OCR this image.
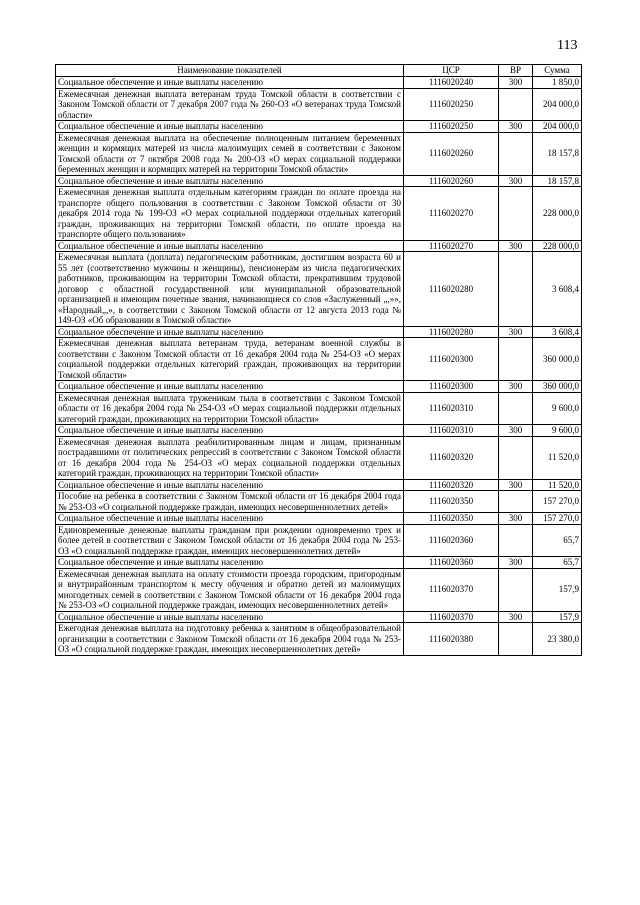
113
Наименование показателей	ЦСР	ВР	Сумма
Социальное обеспечение и иные выплаты населению	1116020240	300	1 850,0
Ежемесячная денежная выплата ветеранам труда Томской области в соответствии с Законом Томской области от 7 декабря 2007 года № 260-ОЗ «О ветеранах труда Томской области»	1116020250		204 000,0
Социальное обеспечение и иные выплаты населению	1116020250	300	204 000,0
Ежемесячная денежная выплата на обеспечение полноценным питанием беременных женщин и кормящих матерей из числа малоимущих семей в соответствии с Законом Томской области от 7 октября 2008 года № 200-ОЗ «О мерах социальной поддержки беременных женщин и кормящих матерей на территории Томской области»	1116020260		18 157,8
Социальное обеспечение и иные выплаты населению	1116020260	300	18 157,8
Ежемесячная денежная выплата отдельным категориям граждан по оплате проезда на транспорте общего пользования в соответствии с Законом Томской области от 30 декабря 2014 года № 199-ОЗ «О мерах социальной поддержки отдельных категорий граждан, проживающих на территории Томской области, по оплате проезда на транспорте общего пользования»	1116020270		228 000,0
Социальное обеспечение и иные выплаты населению	1116020270	300	228 000,0
Ежемесячная выплата (доплата) педагогическим работникам, достигшим возраста 60 и 55 лет (соответственно мужчины и женщины), пенсионерам из числа педагогических работников, проживающим на территории Томской области, прекратившим трудовой договор с областной государственной или муниципальной образовательной организацией и имеющим почетные звания, начинающиеся со слов «Заслуженный „,»», «Народный„,», в соответствии с Законом Томской области от 12 августа 2013 года № 149-ОЗ «Об образовании в Томской области»	1116020280		3 608,4
Социальное обеспечение и иные выплаты населению	1116020280	300	3 608,4
Ежемесячная денежная выплата ветеранам труда, ветеранам военной службы в соответствии с Законом Томской области от 16 декабря 2004 года № 254-ОЗ «О мерах социальной поддержки отдельных категорий граждан, проживающих на территории Томской области»	1116020300		360 000,0
Социальное обеспечение и иные выплаты населению	1116020300	300	360 000,0
Ежемесячная денежная выплата труженикам тыла в соответствии с Законом Томской области от 16 декабря 2004 года № 254-ОЗ «О мерах социальной поддержки отдельных категорий граждан, проживающих на территории Томской области»	1116020310		9 600,0
Социальное обеспечение и иные выплаты населению	1116020310	300	9 600,0
Ежемесячная денежная выплата реабилитированным лицам и лицам, признанным пострадавшими от политических репрессий в соответствии с Законом Томской области от 16 декабря 2004 года № 254-ОЗ «О мерах социальной поддержки отдельных категорий граждан, проживающих на территории Томской области»	1116020320		11 520,0
Социальное обеспечение и иные выплаты населению	1116020320	300	11 520,0
Пособие на ребенка в соответствии с Законом Томской области от 16 декабря 2004 года № 253-ОЗ «О социальной поддержке граждан, имеющих несовершеннолетних детей»	1116020350		157 270,0
Социальное обеспечение и иные выплаты населению	1116020350	300	157 270,0
Единовременные денежные выплаты гражданам при рождении одновременно трех и более детей в соответствии с Законом Томской области от 16 декабря 2004 года № 253-ОЗ «О социальной поддержке граждан, имеющих несовершеннолетних детей»	1116020360		65,7
Социальное обеспечение и иные выплаты населению	1116020360	300	65,7
Ежемесячная денежная выплата на оплату стоимости проезда городским, пригородным и внутрирайонным транспортом к месту обучения и обратно детей из малоимущих многодетных семей в соответствии с Законом Томской области от 16 декабря 2004 года № 253-ОЗ «О социальной поддержке граждан, имеющих несовершеннолетних детей»	1116020370		157,9
Социальное обеспечение и иные выплаты населению	1116020370	300	157,9
Ежегодная денежная выплата на подготовку ребенка к занятиям в общеобразовательной организации в соответствии с Законом Томской области от 16 декабря 2004 года № 253-ОЗ «О социальной поддержке граждан, имеющих несовершеннолетних детей»	1116020380		23 380,0
